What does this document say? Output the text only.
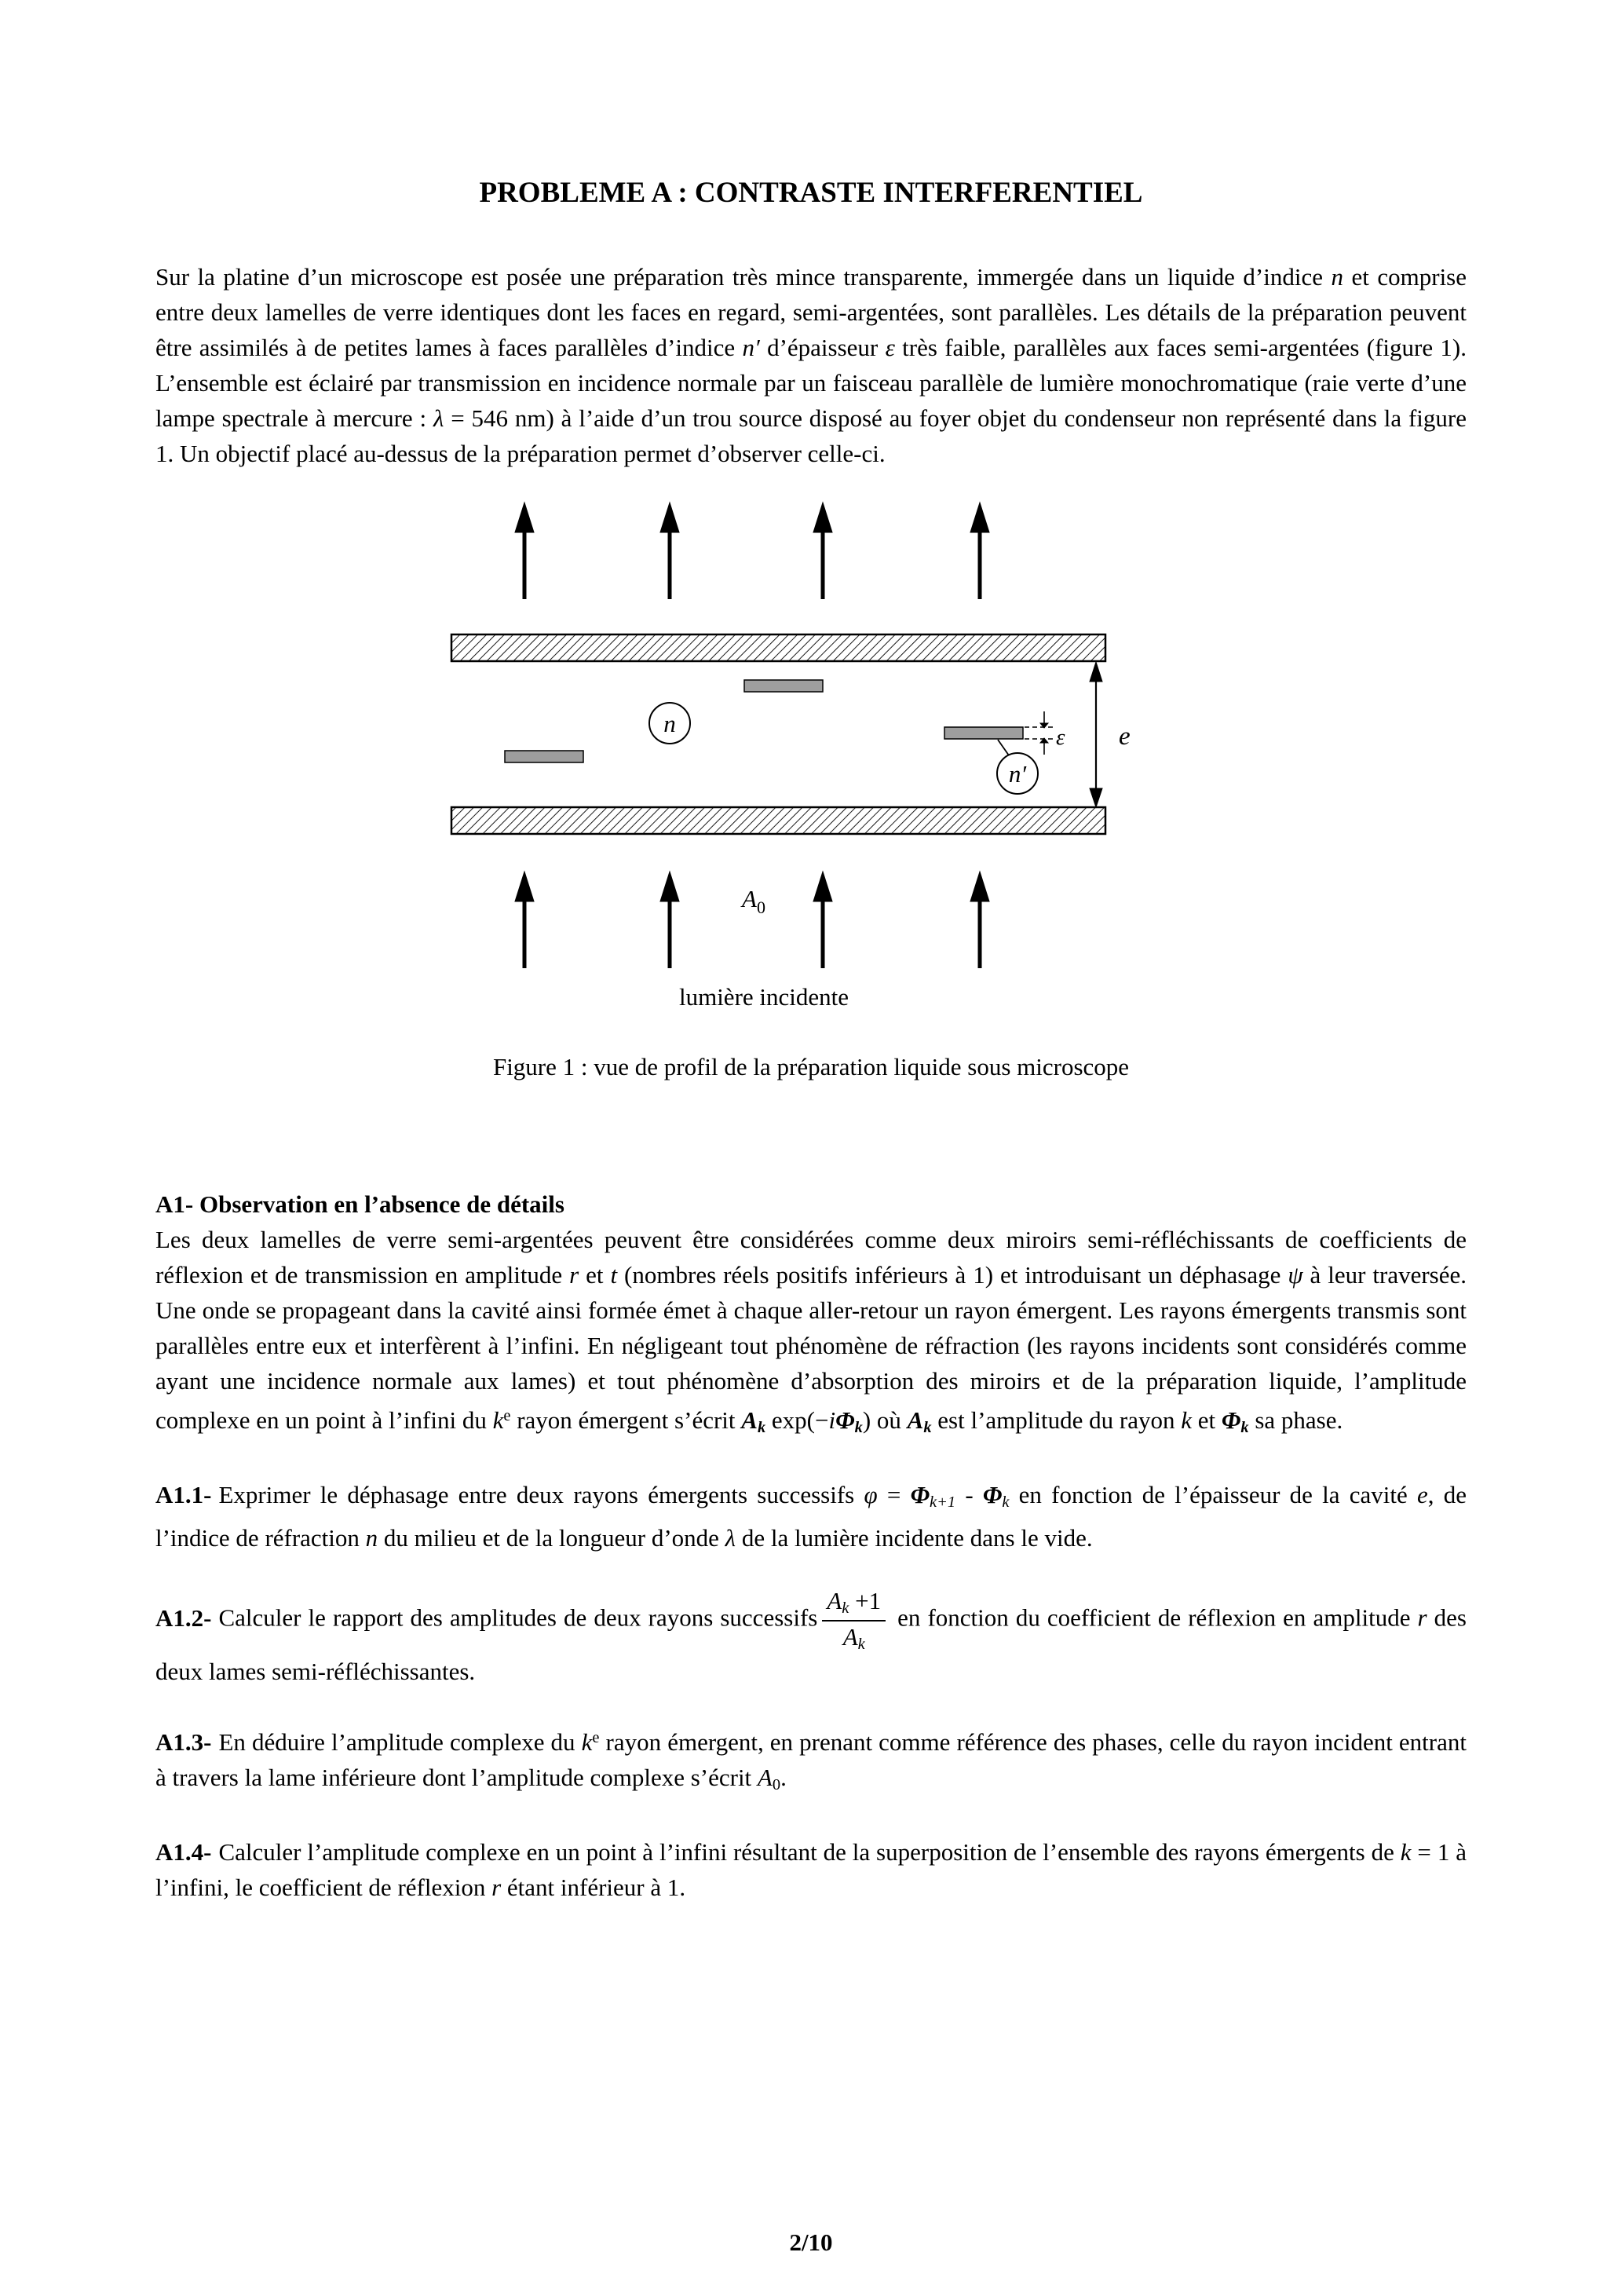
PROBLEME A : CONTRASTE INTERFERENTIEL

Sur la platine d’un microscope est posée une préparation très mince transparente, immergée dans un liquide d’indice n et comprise entre deux lamelles de verre identiques dont les faces en regard, semi-argentées, sont parallèles. Les détails de la préparation peuvent être assimilés à de petites lames à faces parallèles d’indice n′ d’épaisseur ε très faible, parallèles aux faces semi-argentées (figure 1). L’ensemble est éclairé par transmission en incidence normale par un faisceau parallèle de lumière monochromatique (raie verte d’une lampe spectrale à mercure : λ = 546 nm) à l’aide d’un trou source disposé au foyer objet du condenseur non représenté dans la figure 1. Un objectif placé au-dessus de la préparation permet d’observer celle-ci.

n
n′
ε e
$A_0$
lumière incidente

Figure 1 : vue de profil de la préparation liquide sous microscope

A1- Observation en l’absence de détails

Les deux lamelles de verre semi-argentées peuvent être considérées comme deux miroirs semi-réfléchissants de coefficients de réflexion et de transmission en amplitude r et t (nombres réels positifs inférieurs à 1) et introduisant un déphasage ψ à leur traversée. Une onde se propageant dans la cavité ainsi formée émet à chaque aller-retour un rayon émergent. Les rayons émergents transmis sont parallèles entre eux et interfèrent à l’infini. En négligeant tout phénomène de réfraction (les rayons incidents sont considérés comme ayant une incidence normale aux lames) et tout phénomène d’absorption des miroirs et de la préparation liquide, l’amplitude complexe en un point à l’infini du $k^e$ rayon émergent s’écrit $A_k$ $\exp(-i\Phi_k)$ où $A_k$ est l’amplitude du rayon k et $\Phi_k$ sa phase.

A1.1- Exprimer le déphasage entre deux rayons émergents successifs $\varphi = \Phi_{k+1} - \Phi_k$ en fonction de l’épaisseur de la cavité e, de l’indice de réfraction n du milieu et de la longueur d’onde λ de la lumière incidente dans le vide.

A1.2- Calculer le rapport des amplitudes de deux rayons successifs $\frac{A_k +1}{A_k}$ en fonction du coefficient de réflexion en amplitude r des deux lames semi-réfléchissantes.

A1.3- En déduire l’amplitude complexe du $k^e$ rayon émergent, en prenant comme référence des phases, celle du rayon incident entrant à travers la lame inférieure dont l’amplitude complexe s’écrit $A_0$.

A1.4- Calculer l’amplitude complexe en un point à l’infini résultant de la superposition de l’ensemble des rayons émergents de k = 1 à l’infini, le coefficient de réflexion r étant inférieur à 1.

2/10
